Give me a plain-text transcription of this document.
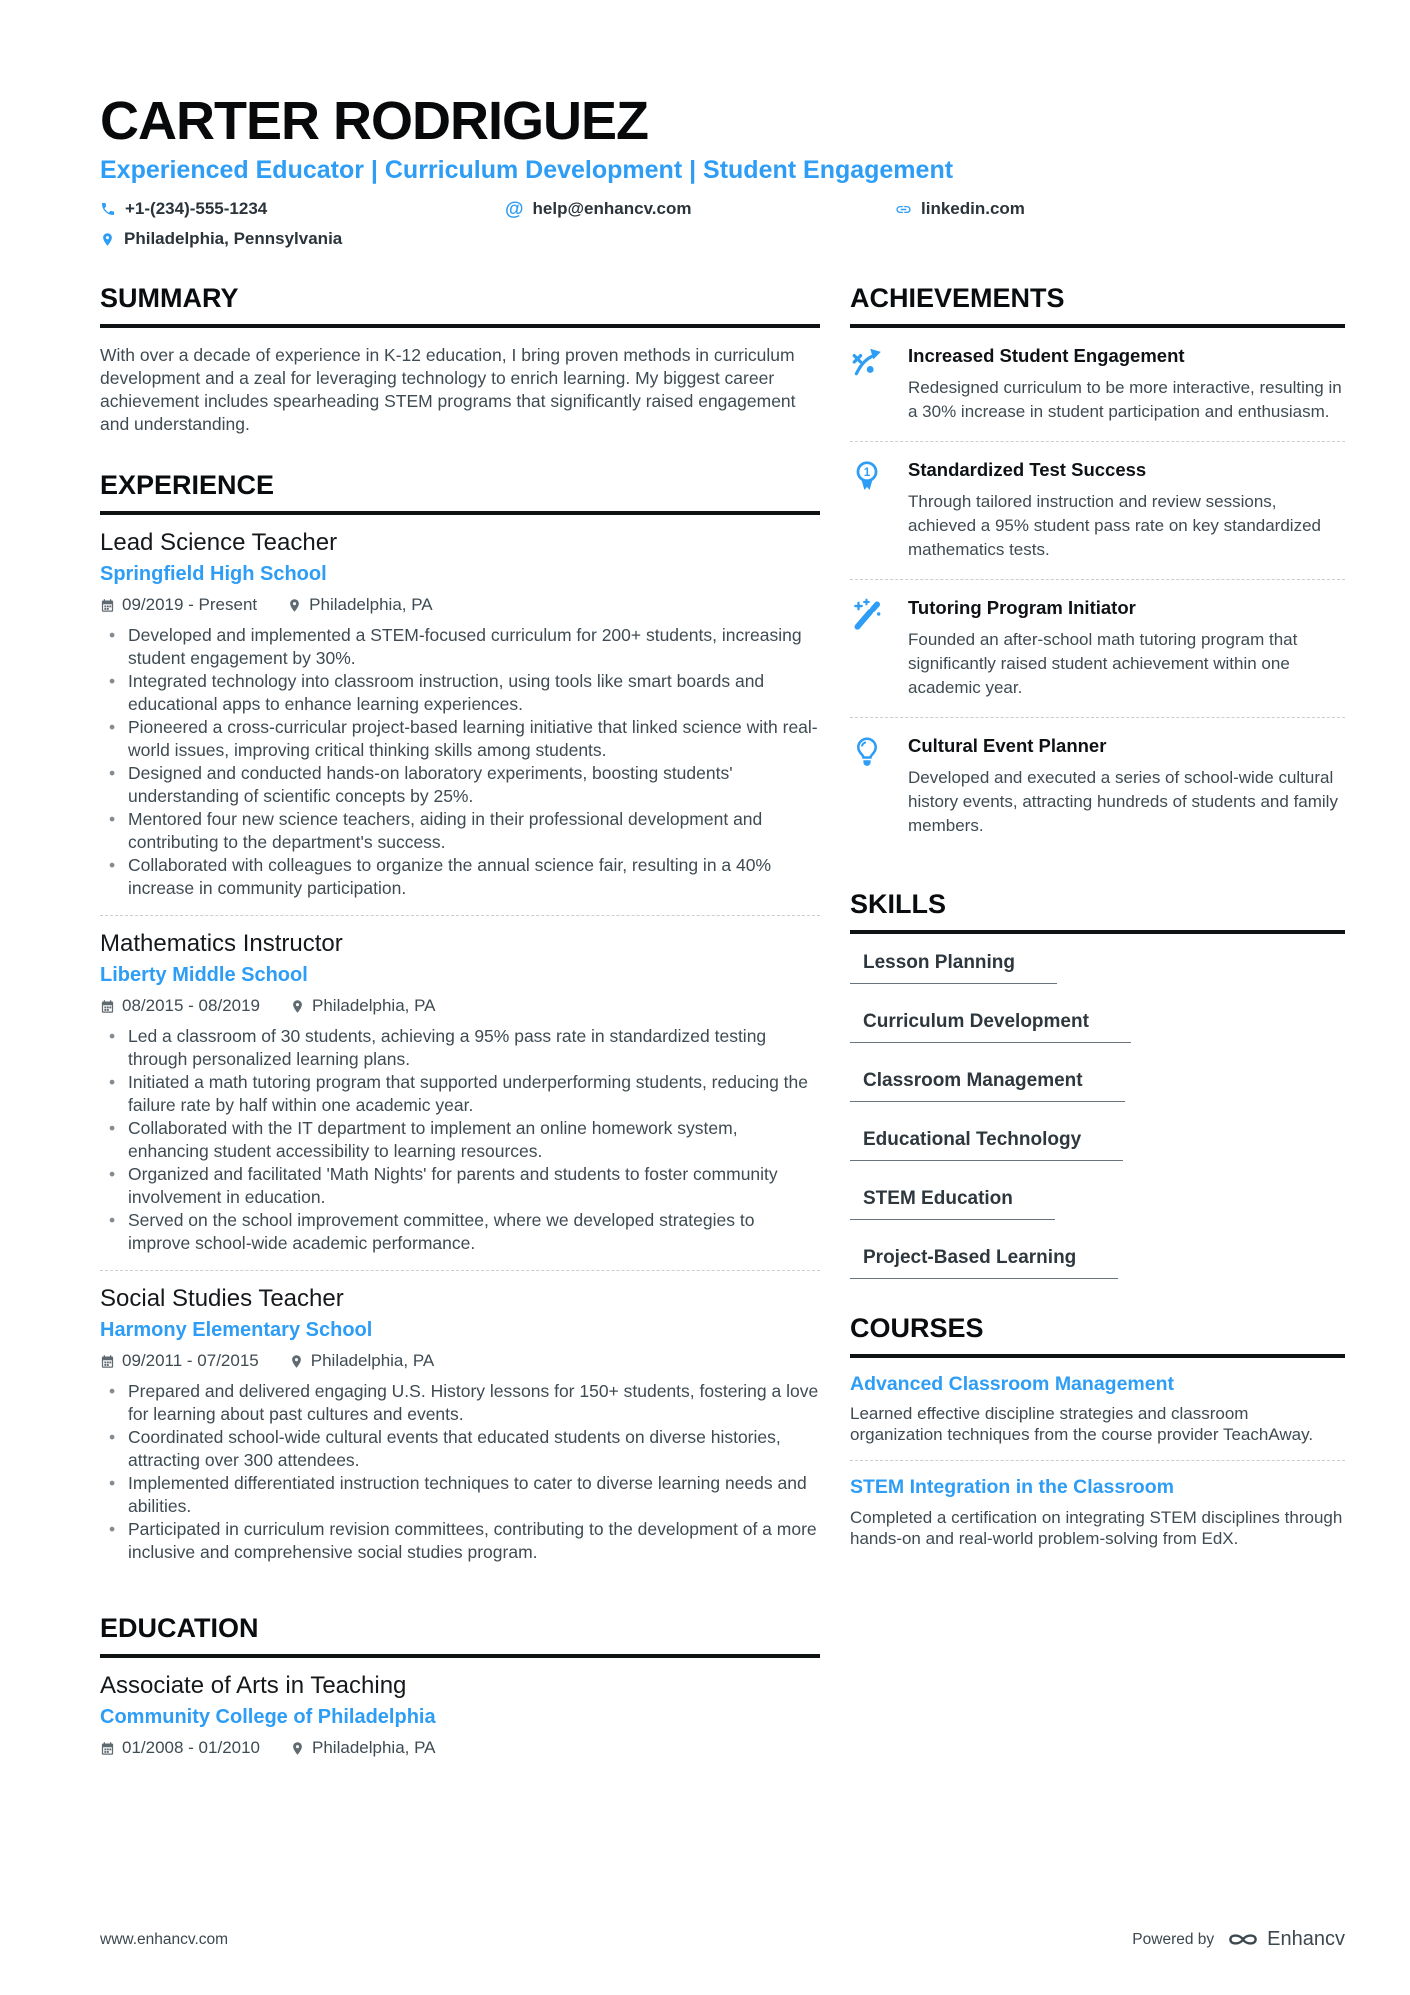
CARTER RODRIGUEZ
Experienced Educator | Curriculum Development | Student Engagement
+1-(234)-555-1234	@ help@enhancv.com	linkedin.com
Philadelphia, Pennsylvania
SUMMARY

With over a decade of experience in K-12 education, I bring proven methods in curriculum development and a zeal for leveraging technology to enrich learning. My biggest career achievement includes spearheading STEM programs that significantly raised engagement and understanding.

EXPERIENCE
Lead Science Teacher
Springfield High School
09/2019 - Present	Philadelphia, PA
• Developed and implemented a STEM-focused curriculum for 200+ students, increasing student engagement by 30%.
• Integrated technology into classroom instruction, using tools like smart boards and educational apps to enhance learning experiences.
• Pioneered a cross-curricular project-based learning initiative that linked science with real-world issues, improving critical thinking skills among students.
• Designed and conducted hands-on laboratory experiments, boosting students' understanding of scientific concepts by 25%.
• Mentored four new science teachers, aiding in their professional development and contributing to the department's success.
• Collaborated with colleagues to organize the annual science fair, resulting in a 40% increase in community participation.
Mathematics Instructor
Liberty Middle School
08/2015 - 08/2019	Philadelphia, PA
• Led a classroom of 30 students, achieving a 95% pass rate in standardized testing through personalized learning plans.
• Initiated a math tutoring program that supported underperforming students, reducing the failure rate by half within one academic year.
• Collaborated with the IT department to implement an online homework system, enhancing student accessibility to learning resources.
• Organized and facilitated 'Math Nights' for parents and students to foster community involvement in education.
• Served on the school improvement committee, where we developed strategies to improve school-wide academic performance.
Social Studies Teacher
Harmony Elementary School
09/2011 - 07/2015	Philadelphia, PA
• Prepared and delivered engaging U.S. History lessons for 150+ students, fostering a love for learning about past cultures and events.
• Coordinated school-wide cultural events that educated students on diverse histories, attracting over 300 attendees.
• Implemented differentiated instruction techniques to cater to diverse learning needs and abilities.
• Participated in curriculum revision committees, contributing to the development of a more inclusive and comprehensive social studies program.
EDUCATION
Associate of Arts in Teaching
Community College of Philadelphia
01/2008 - 01/2010	Philadelphia, PA
ACHIEVEMENTS
Increased Student Engagement
Redesigned curriculum to be more interactive, resulting in a 30% increase in student participation and enthusiasm.
1 Standardized Test Success
Through tailored instruction and review sessions, achieved a 95% student pass rate on key standardized mathematics tests.
Tutoring Program Initiator
Founded an after-school math tutoring program that significantly raised student achievement within one academic year.
Cultural Event Planner
Developed and executed a series of school-wide cultural history events, attracting hundreds of students and family members.
SKILLS
Lesson Planning
Curriculum Development
Classroom Management
Educational Technology
STEM Education
Project-Based Learning
COURSES
Advanced Classroom Management
Learned effective discipline strategies and classroom organization techniques from the course provider TeachAway.
STEM Integration in the Classroom
Completed a certification on integrating STEM disciplines through hands-on and real-world problem-solving from EdX.
www.enhancv.com	Powered by	Enhancv
